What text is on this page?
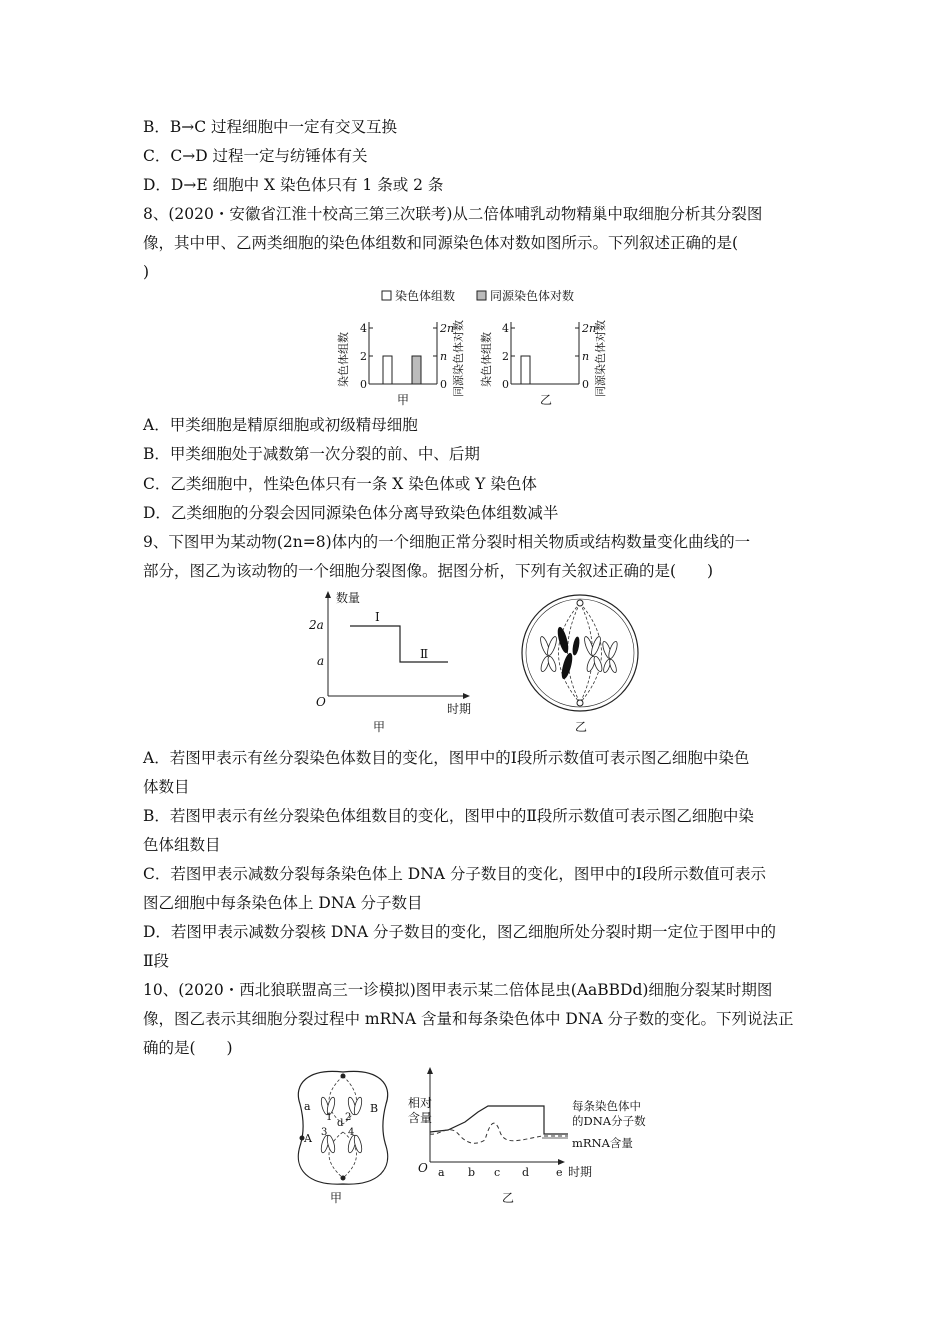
B．B→C 过程细胞中一定有交叉互换
C．C→D 过程一定与纺锤体有关
D．D→E 细胞中 X 染色体只有 1 条或 2 条
8、(2020・安徽省江淮十校高三第三次联考)从二倍体哺乳动物精巢中取细胞分析其分裂图
像，其中甲、乙两类细胞的染色体组数和同源染色体对数如图所示。下列叙述正确的是(
)
染色体组数	同源染色体对数
染色体组数
4
2
0
2n
n
0 同源染色体对数
甲
染色体组数
4
2
0
2n
n
0 同源染色体对数
乙
A．甲类细胞是精原细胞或初级精母细胞
B．甲类细胞处于减数第一次分裂的前、中、后期
C．乙类细胞中，性染色体只有一条 X 染色体或 Y 染色体
D．乙类细胞的分裂会因同源染色体分离导致染色体组数减半
9、下图甲为某动物(2n=8)体内的一个细胞正常分裂时相关物质或结构数量变化曲线的一
部分，图乙为该动物的一个细胞分裂图像。据图分析，下列有关叙述正确的是(　　)
数量
2a
a
O
Ⅰ
Ⅱ
时期
甲	乙
A．若图甲表示有丝分裂染色体数目的变化，图甲中的Ⅰ段所示数值可表示图乙细胞中染色
体数目
B．若图甲表示有丝分裂染色体组数目的变化，图甲中的Ⅱ段所示数值可表示图乙细胞中染
色体组数目
C．若图甲表示减数分裂每条染色体上 DNA 分子数目的变化，图甲中的Ⅰ段所示数值可表示
图乙细胞中每条染色体上 DNA 分子数目
D．若图甲表示减数分裂核 DNA 分子数目的变化，图乙细胞所处分裂时期一定位于图甲中的
Ⅱ段
10、(2020・西北狼联盟高三一诊模拟)图甲表示某二倍体昆虫(AaBBDd)细胞分裂某时期图
像，图乙表示其细胞分裂过程中 mRNA 含量和每条染色体中 DNA 分子数的变化。下列说法正
确的是(　　)
a
A
B
1 2
3 4
d
甲
相对
含量
O
每条染色体中
的DNA分子数
mRNA含量
a b c d e 时期
乙
